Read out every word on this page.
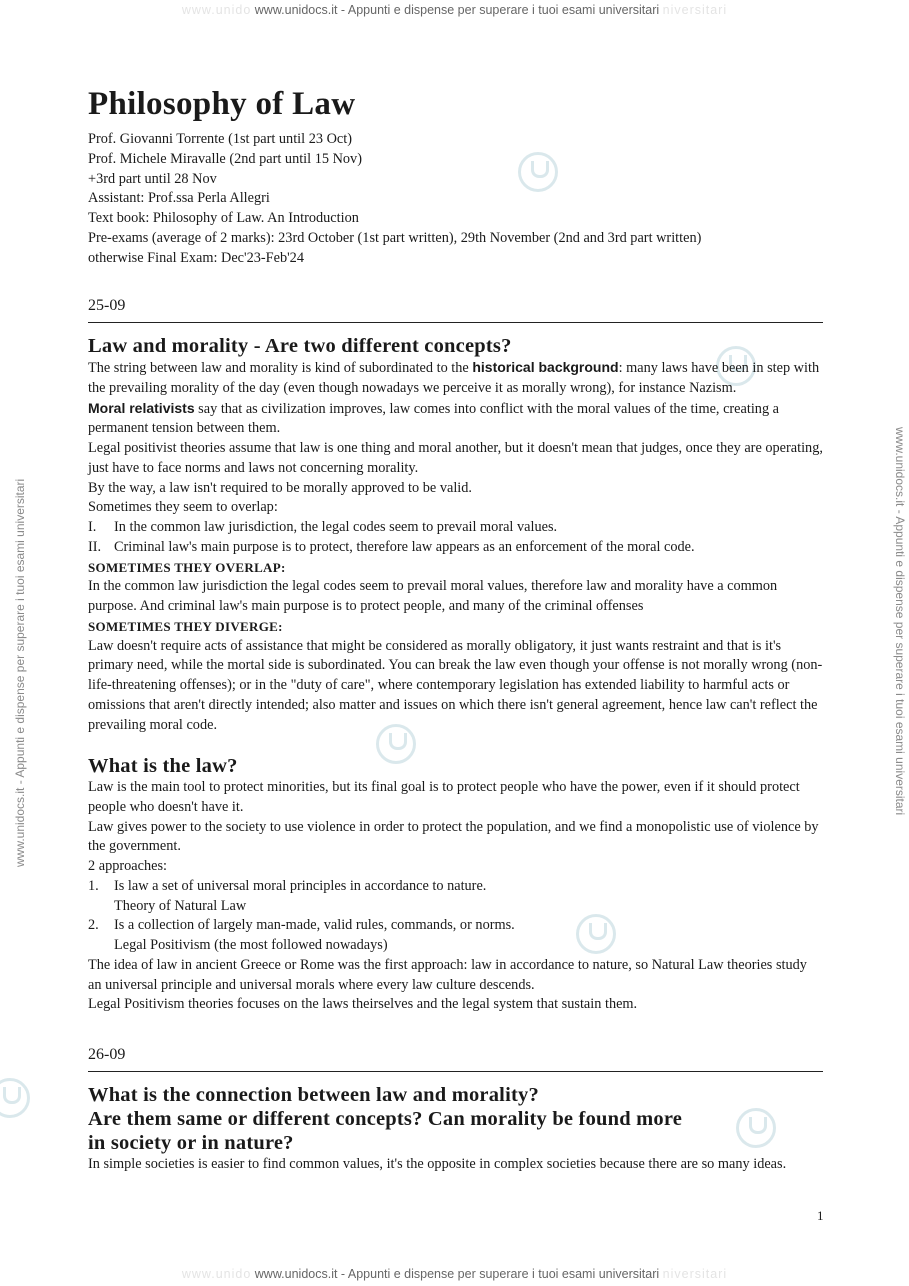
www.unido www.unidocs.it - Appunti e dispense per superare i tuoi esami universitari niversitari
www.unido www.unidocs.it - Appunti e dispense per superare i tuoi esami universitari niversitari
www.unidocs.it - Appunti e dispense per superare i tuoi esami universitari	www.unidocs.it - Appunti e dispense per superare i tuoi esami universitari
Philosophy of Law
Prof. Giovanni Torrente (1st part until 23 Oct)
Prof. Michele Miravalle (2nd part until 15 Nov)
+3rd part until 28 Nov
Assistant: Prof.ssa Perla Allegri
Text book: Philosophy of Law. An Introduction
Pre-exams (average of 2 marks): 23rd October (1st part written), 29th November (2nd and 3rd part written)
otherwise Final Exam: Dec'23-Feb'24
25-09
Law and morality - Are two different concepts?

The string between law and morality is kind of subordinated to the historical background: many laws have been in step with the prevailing morality of the day (even though nowadays we perceive it as morally wrong), for instance Nazism.

Moral relativists say that as civilization improves, law comes into conflict with the moral values of the time, creating a permanent tension between them.

Legal positivist theories assume that law is one thing and moral another, but it doesn't mean that judges, once they are operating, just have to face norms and laws not concerning morality.

By the way, a law isn't required to be morally approved to be valid.

Sometimes they seem to overlap:

I.	In the common law jurisdiction, the legal codes seem to prevail moral values.
II. Criminal law's main purpose is to protect, therefore law appears as an enforcement of the moral code.

SOMETIMES THEY OVERLAP:

In the common law jurisdiction the legal codes seem to prevail moral values, therefore law and morality have a common purpose. And criminal law's main purpose is to protect people, and many of the criminal offenses

SOMETIMES THEY DIVERGE:

Law doesn't require acts of assistance that might be considered as morally obligatory, it just wants restraint and that is it's primary need, while the mortal side is subordinated. You can break the law even though your offense is not morally wrong (non-life-threatening offenses); or in the "duty of care", where contemporary legislation has extended liability to harmful acts or omissions that aren't directly intended; also matter and issues on which there isn't general agreement, hence law can't reflect the prevailing moral code.

What is the law?

Law is the main tool to protect minorities, but its final goal is to protect people who have the power, even if it should protect people who doesn't have it.

Law gives power to the society to use violence in order to protect the population, and we find a monopolistic use of violence by the government.

2 approaches:

1.	Is law a set of universal moral principles in accordance to nature.
Theory of Natural Law
2.	Is a collection of largely man-made, valid rules, commands, or norms.
Legal Positivism (the most followed nowadays)

The idea of law in ancient Greece or Rome was the first approach: law in accordance to nature, so Natural Law theories study an universal principle and universal morals where every law culture descends.

Legal Positivism theories focuses on the laws theirselves and the legal system that sustain them.

26-09
What is the connection between law and morality?
Are them same or different concepts? Can morality be found more
in society or in nature?

In simple societies is easier to find common values, it's the opposite in complex societies because there are so many ideas.

1
